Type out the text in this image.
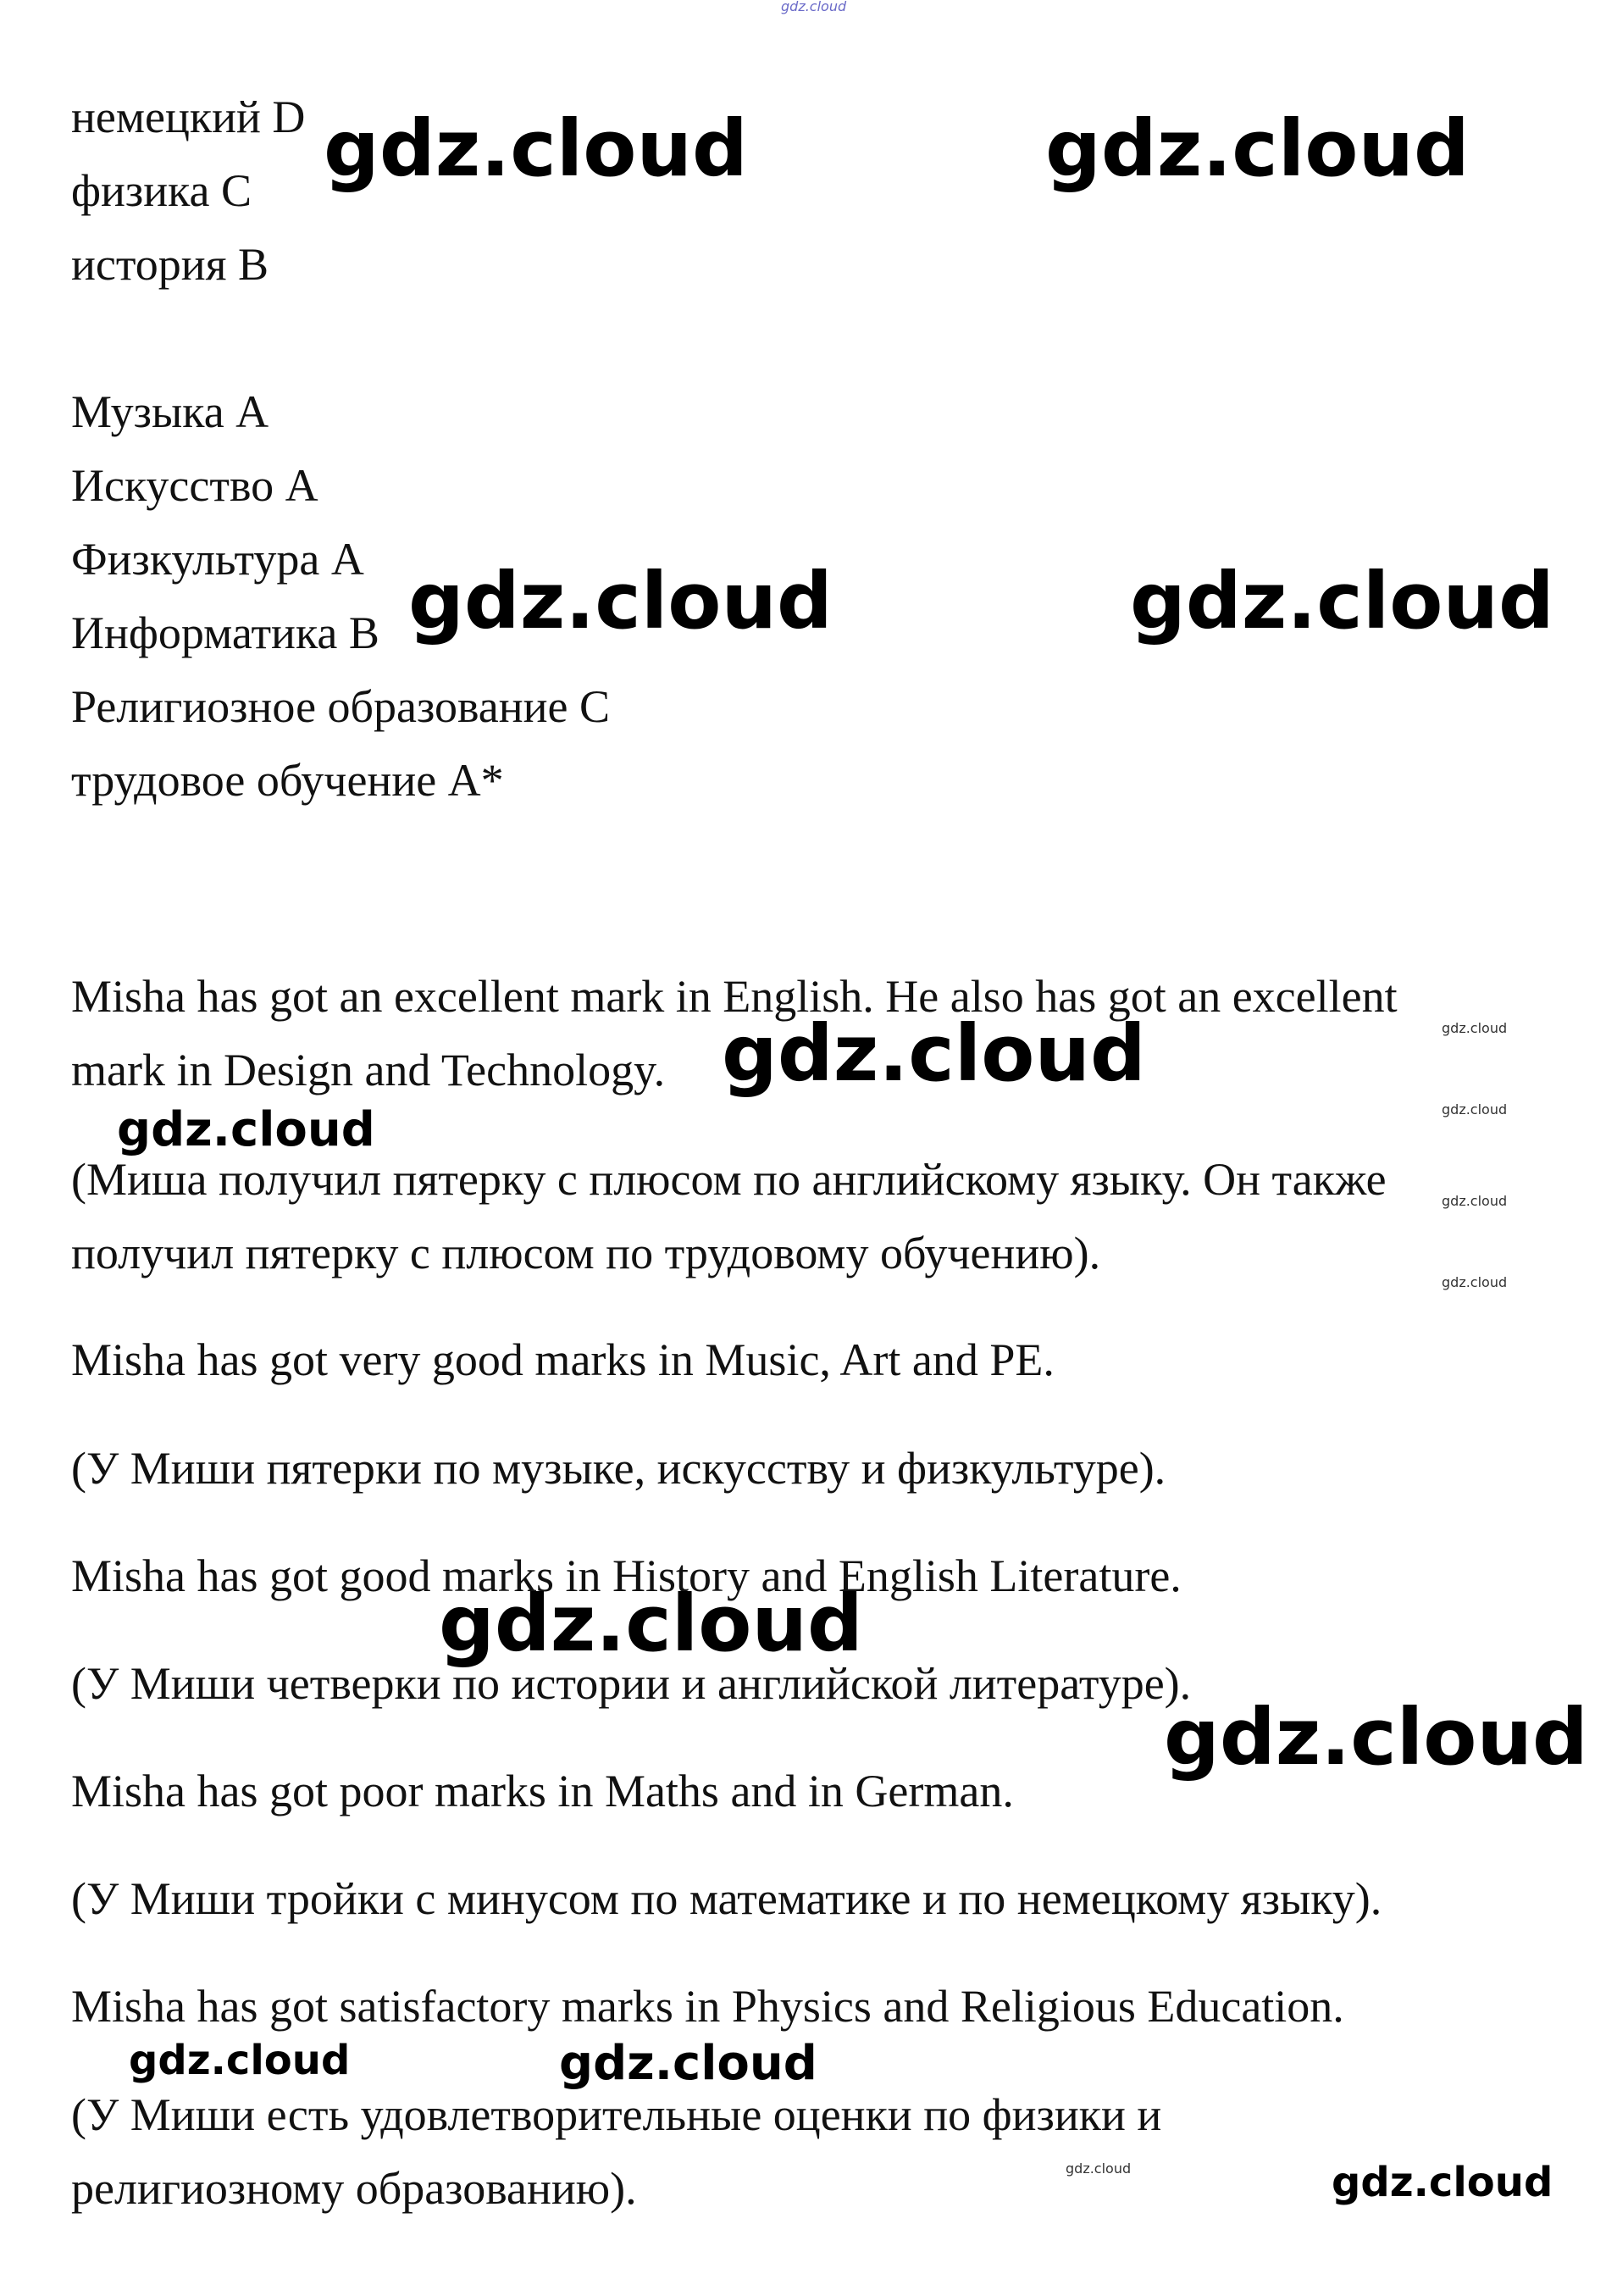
gdz.cloud
немецкий D
физика C
история B
Музыка A
Искусство A
Физкультура A
Информатика B
Религиозное образование C
трудовое обучение A*
Misha has got an excellent mark in English. He also has got an excellent
mark in Design and Technology.
(Миша получил пятерку с плюсом по английскому языку. Он также
получил пятерку с плюсом по трудовому обучению).
Misha has got very good marks in Music, Art and PE.
(У Миши пятерки по музыке, искусству и физкультуре).
Misha has got good marks in History and English Literature.
(У Миши четверки по истории и английской литературе).
Misha has got poor marks in Maths and in German.
(У Миши тройки с минусом по математике и по немецкому языку).
Misha has got satisfactory marks in Physics and Religious Education.
(У Миши есть удовлетворительные оценки по физики и
религиозному образованию).
gdz.cloud	gdz.cloud
gdz.cloud	gdz.cloud
gdz.cloud
gdz.cloud
gdz.cloud
gdz.cloud
gdz.cloud	gdz.cloud
gdz.cloud
gdz.cloud
gdz.cloud
gdz.cloud
gdz.cloud
gdz.cloud
